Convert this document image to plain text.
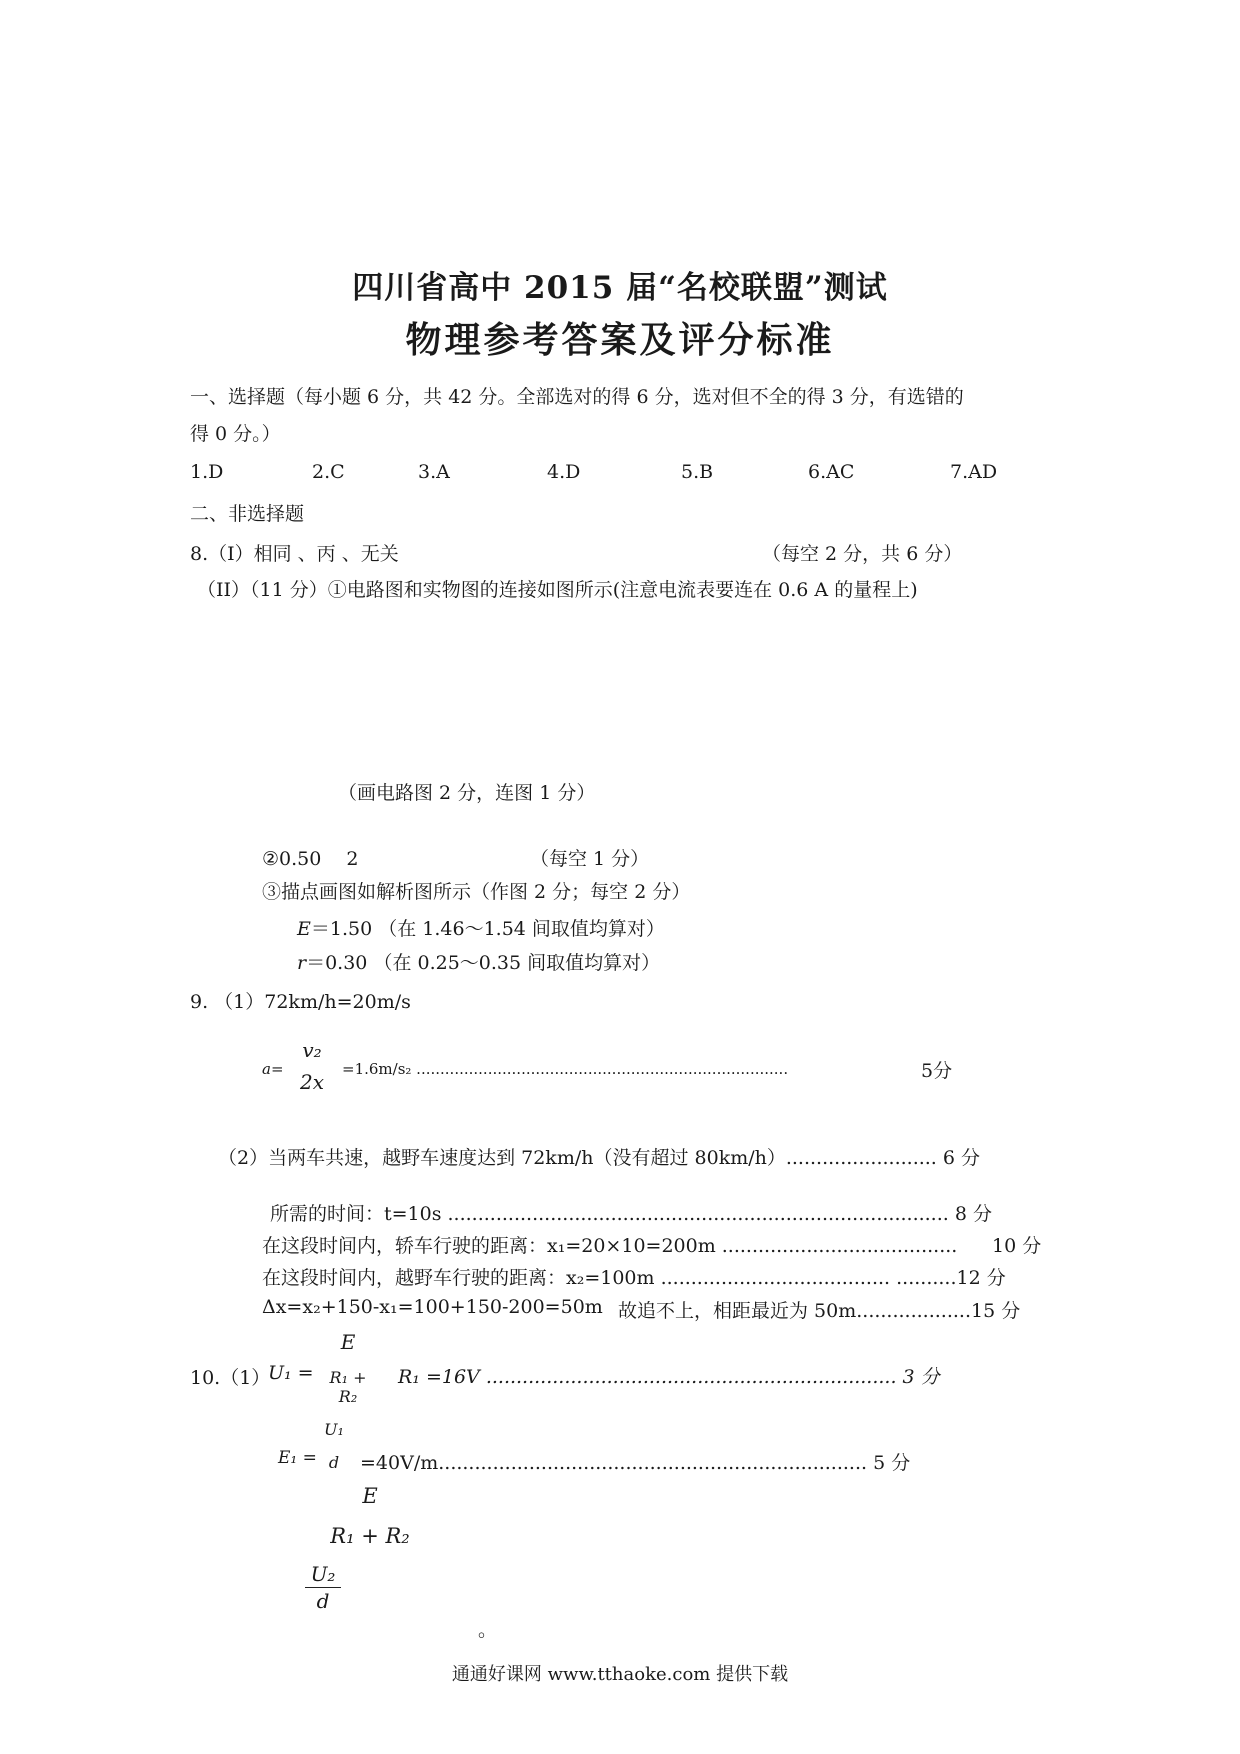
四川省高中 2015 届“名校联盟”测试
物理参考答案及评分标准
一、选择题（每小题 6 分，共 42 分。全部选对的得 6 分，选对但不全的得 3 分，有选错的
得 0 分。）
1.D	2.C	3.A	4.D	5.B	6.AC	7.AD
二、非选择题
8.（I）相同 、丙 、无关	（每空 2 分，共 6 分）
（II）（11 分）①电路图和实物图的连接如图所示(注意电流表要连在 0.6 A 的量程上)
（画电路图 2 分，连图 1 分）
②0.50　 2	（每空 1 分）
③描点画图如解析图所示（作图 2 分；每空 2 分）
E＝1.50 （在 1.46～1.54 间取值均算对）
r＝0.30 （在 0.25～0.35 间取值均算对）
9. （1）72km/h=20m/s
a=
v₂
2x
=1.6m/s₂ ..............................................................................	5分
（2）当两车共速，越野车速度达到 72km/h（没有超过 80km/h）......................... 6 分
所需的时间：t=10s ................................................................................... 8 分
在这段时间内，轿车行驶的距离：x₁=20×10=200m ....................................... 10 分
在这段时间内，越野车行驶的距离：x₂=100m ...................................... ..........12 分
Δx=x₂+150-x₁=100+150-200=50m 故追不上，相距最近为 50m...................15 分
10.（1）
U₁ =
E
R₁ + R₂
R₁ =16V .................................................................... 3 分
E₁ =
U₁
d	=40V/m....................................................................... 5 分
E
R₁ + R₂
U₂
d
。
通通好课网 www.tthaoke.com 提供下载
